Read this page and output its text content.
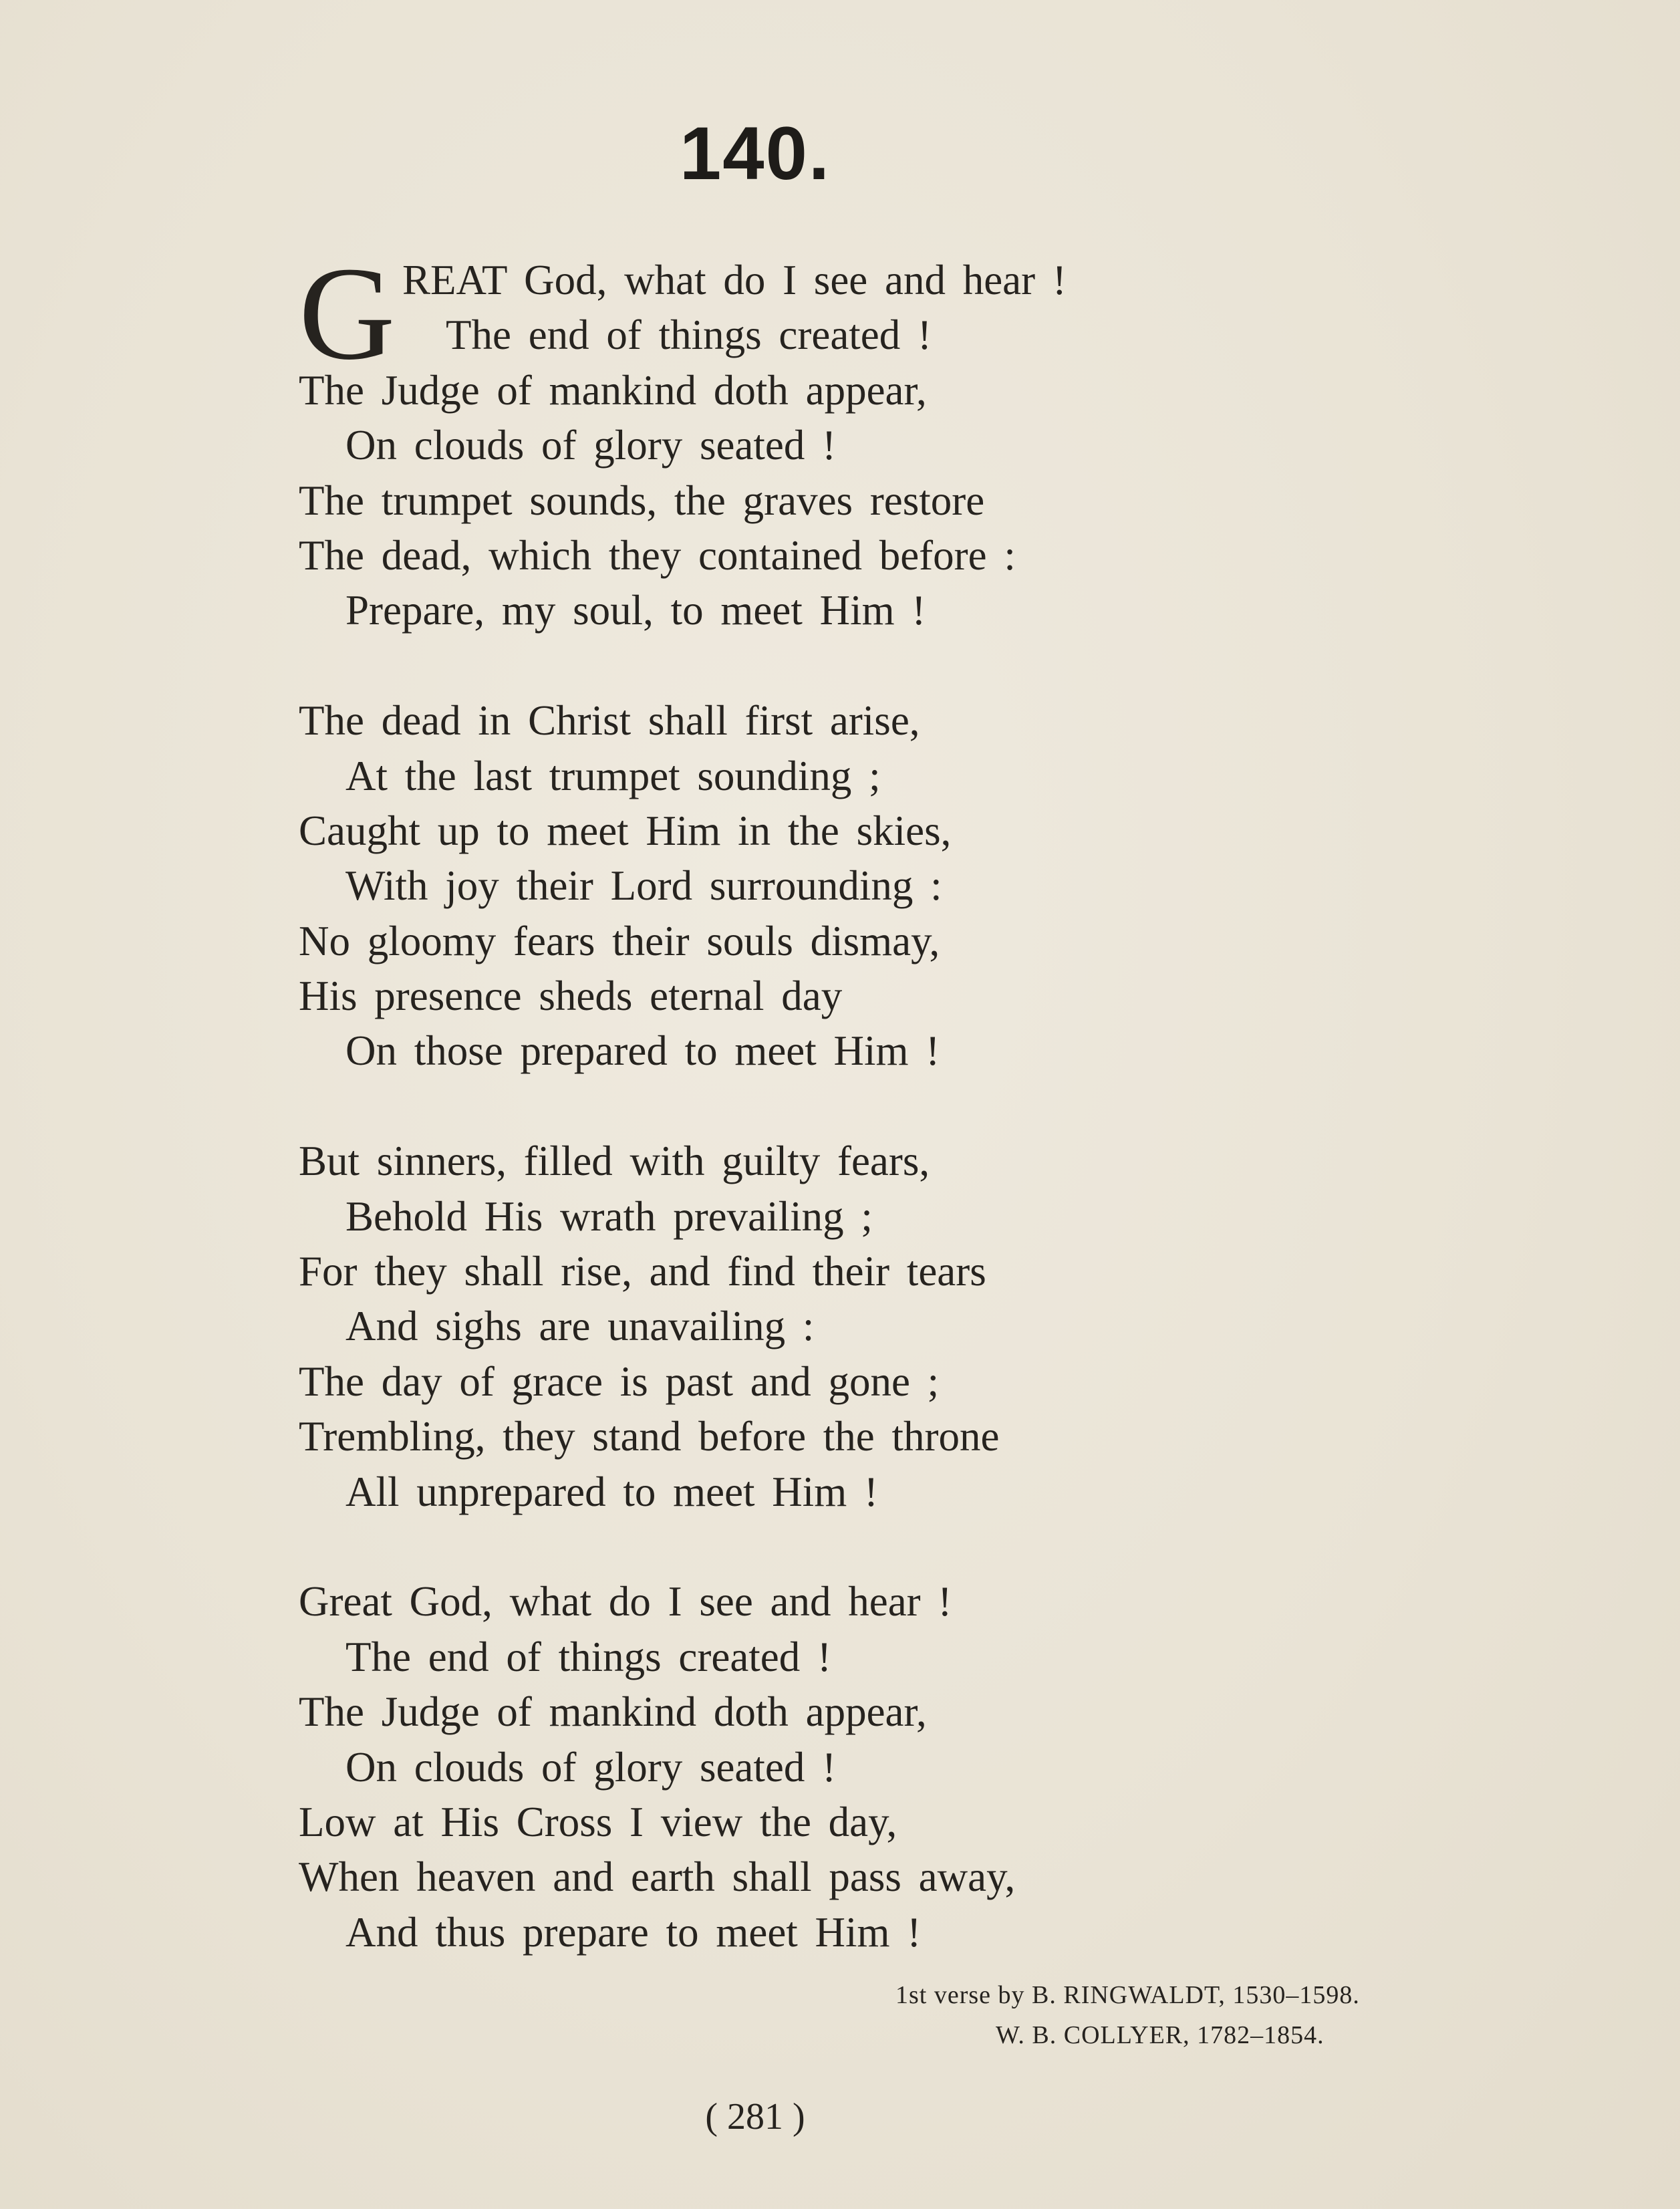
140.
G REAT God, what do I see and hear !
The end of things created !
The Judge of mankind doth appear,
On clouds of glory seated !
The trumpet sounds, the graves restore
The dead, which they contained before :
Prepare, my soul, to meet Him !
The dead in Christ shall first arise,
At the last trumpet sounding ;
Caught up to meet Him in the skies,
With joy their Lord surrounding :
No gloomy fears their souls dismay,
His presence sheds eternal day
On those prepared to meet Him !
But sinners, filled with guilty fears,
Behold His wrath prevailing ;
For they shall rise, and find their tears
And sighs are unavailing :
The day of grace is past and gone ;
Trembling, they stand before the throne
All unprepared to meet Him !
Great God, what do I see and hear !
The end of things created !
The Judge of mankind doth appear,
On clouds of glory seated !
Low at His Cross I view the day,
When heaven and earth shall pass away,
And thus prepare to meet Him !
1st verse by B. RINGWALDT, 1530–1598.
W. B. COLLYER, 1782–1854.
( 281 )
